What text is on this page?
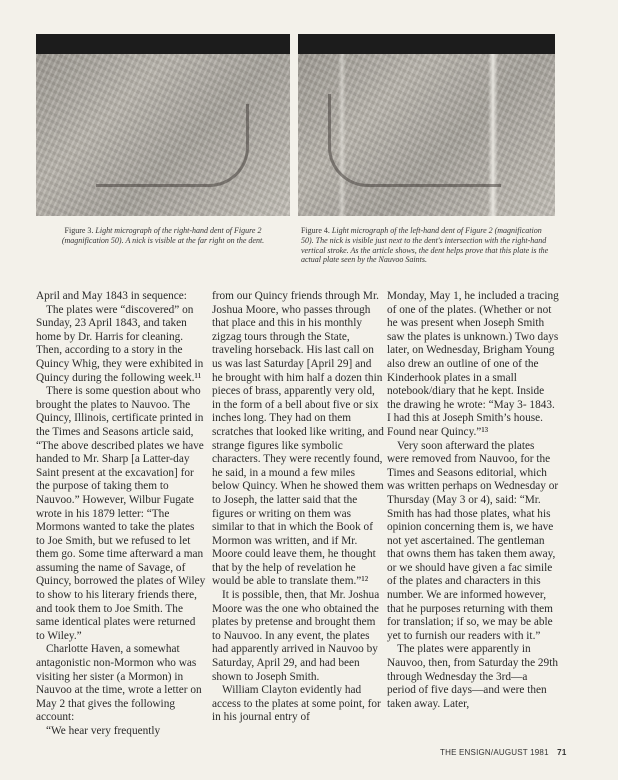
Figure 3. Light micrograph of the right-hand dent of Figure 2 (magnification 50). A nick is visible at the far right on the dent.
Figure 4. Light micrograph of the left-hand dent of Figure 2 (magnification 50). The nick is visible just next to the dent's intersection with the right-hand vertical stroke. As the article shows, the dent helps prove that this plate is the actual plate seen by the Nauvoo Saints.

April and May 1843 in sequence:

The plates were “discovered” on Sunday, 23 April 1843, and taken home by Dr. Harris for cleaning. Then, according to a story in the Quincy Whig, they were exhibited in Quincy during the following week.¹¹

There is some question about who brought the plates to Nauvoo. The Quincy, Illinois, certificate printed in the Times and Seasons article said, “The above described plates we have handed to Mr. Sharp [a Latter-day Saint present at the excavation] for the purpose of taking them to Nauvoo.” However, Wilbur Fugate wrote in his 1879 letter: “The Mormons wanted to take the plates to Joe Smith, but we refused to let them go. Some time afterward a man assuming the name of Savage, of Quincy, borrowed the plates of Wiley to show to his literary friends there, and took them to Joe Smith. The same identical plates were returned to Wiley.”

Charlotte Haven, a somewhat antagonistic non-Mormon who was visiting her sister (a Mormon) in Nauvoo at the time, wrote a letter on May 2 that gives the following account:

“We hear very frequently

from our Quincy friends through Mr. Joshua Moore, who passes through that place and this in his monthly zigzag tours through the State, traveling horseback. His last call on us was last Saturday [April 29] and he brought with him half a dozen thin pieces of brass, apparently very old, in the form of a bell about five or six inches long. They had on them scratches that looked like writing, and strange figures like symbolic characters. They were recently found, he said, in a mound a few miles below Quincy. When he showed them to Joseph, the latter said that the figures or writing on them was similar to that in which the Book of Mormon was written, and if Mr. Moore could leave them, he thought that by the help of revelation he would be able to translate them.”¹²

It is possible, then, that Mr. Joshua Moore was the one who obtained the plates by pretense and brought them to Nauvoo. In any event, the plates had apparently arrived in Nauvoo by Saturday, April 29, and had been shown to Joseph Smith.

William Clayton evidently had access to the plates at some point, for in his journal entry of

Monday, May 1, he included a tracing of one of the plates. (Whether or not he was present when Joseph Smith saw the plates is unknown.) Two days later, on Wednesday, Brigham Young also drew an outline of one of the Kinderhook plates in a small notebook/diary that he kept. Inside the drawing he wrote: “May 3- 1843. I had this at Joseph Smith’s house. Found near Quincy.”¹³

Very soon afterward the plates were removed from Nauvoo, for the Times and Seasons editorial, which was written perhaps on Wednesday or Thursday (May 3 or 4), said: “Mr. Smith has had those plates, what his opinion concerning them is, we have not yet ascertained. The gentleman that owns them has taken them away, or we should have given a fac simile of the plates and characters in this number. We are informed however, that he purposes returning with them for translation; if so, we may be able yet to furnish our readers with it.”

The plates were apparently in Nauvoo, then, from Saturday the 29th through Wednesday the 3rd—a period of five days—and were then taken away. Later,

THE ENSIGN/AUGUST 1981 71
